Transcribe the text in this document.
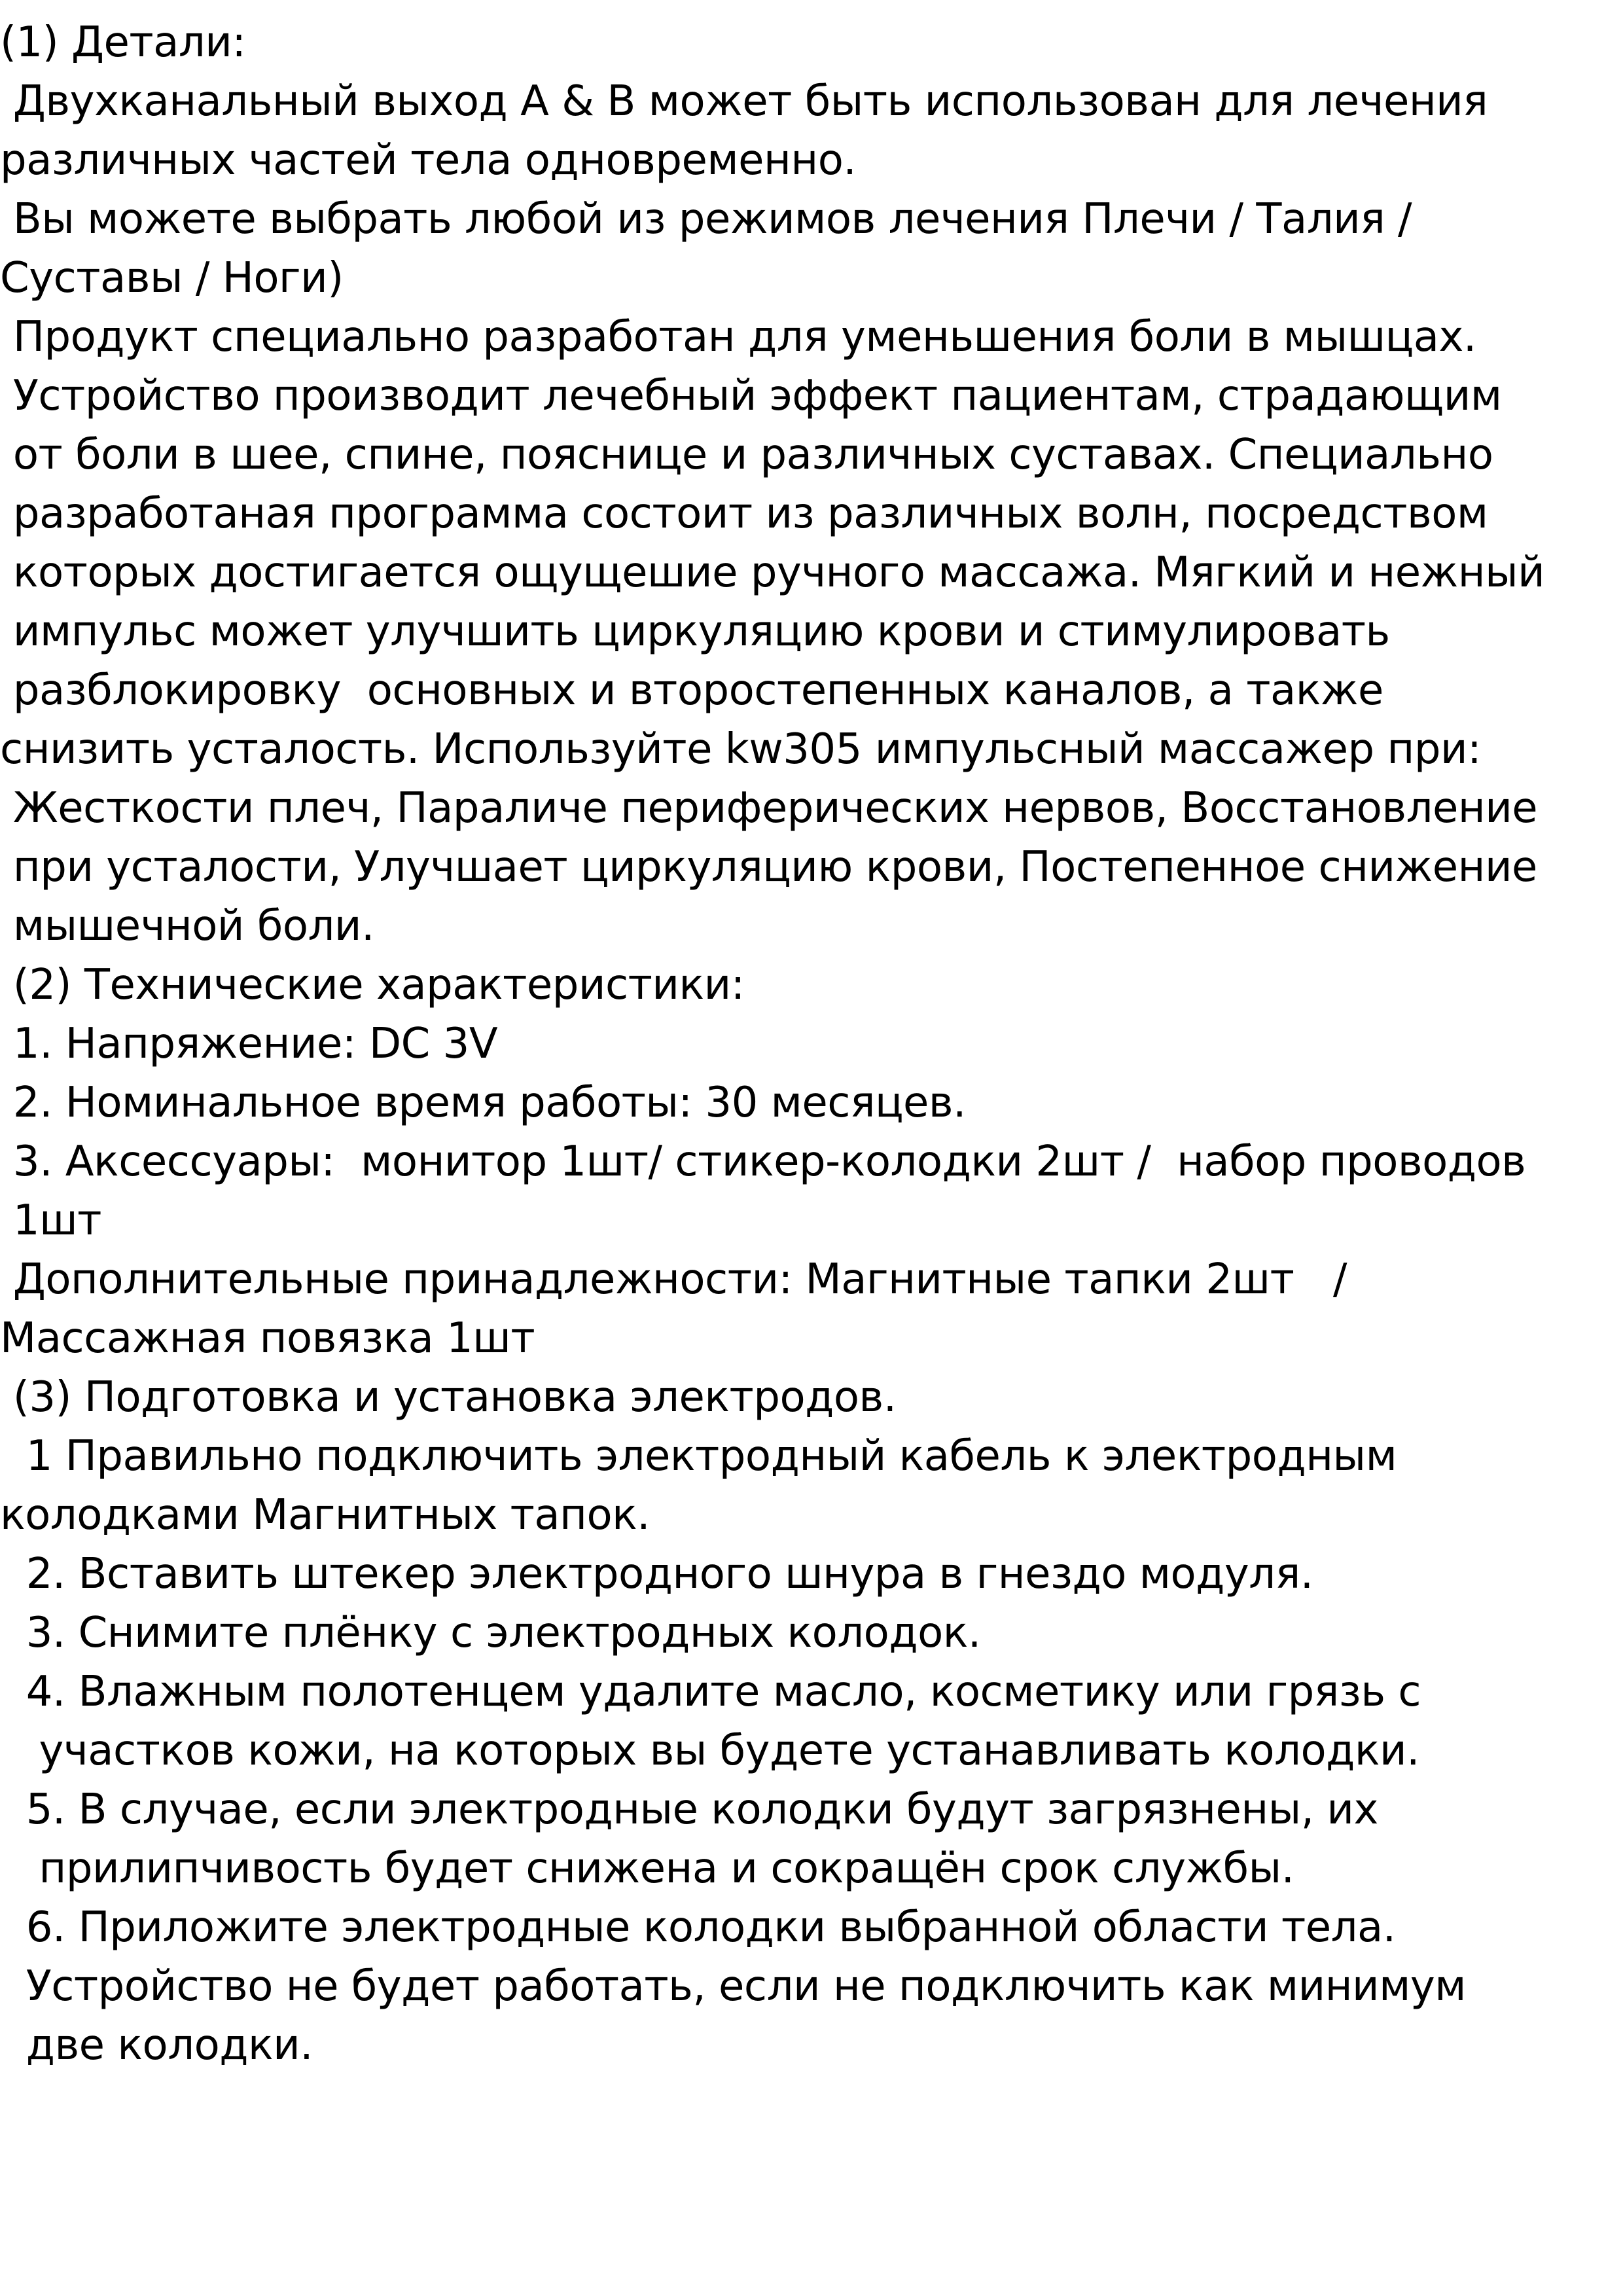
(1) Детали:
Двухканальный выход A & B может быть использован для лечения
различных частей тела одновременно.
Вы можете выбрать любой из режимов лечения Плечи / Талия /
Суставы / Ноги)
Продукт специально разработан для уменьшения боли в мышцах.
Устройство производит лечебный эффект пациентам, страдающим
от боли в шее, спине, пояснице и различных суставах. Специально
разработаная программа состоит из различных волн, посредством
которых достигается ощущешие ручного массажа. Мягкий и нежный
импульс может улучшить циркуляцию крови и стимулировать
разблокировку  основных и второстепенных каналов, а также
снизить усталость. Используйте kw305 импульсный массажер при:
Жесткости плеч, Параличе периферических нервов, Восстановление
при усталости, Улучшает циркуляцию крови, Постепенное снижение
мышечной боли.
(2) Технические характеристики:
1. Напряжение: DC 3V
2. Номинальное время работы: 30 месяцев.
3. Аксессуары:  монитор 1шт/ стикер-колодки 2шт /  набор проводов
1шт
Дополнительные принадлежности: Магнитные тапки 2шт   /
Массажная повязка 1шт
(3) Подготовка и установка электродов.
1 Правильно подключить электродный кабель к электродным
колодками Магнитных тапок.
2. Вставить штекер электродного шнура в гнездо модуля.
3. Снимите плёнку с электродных колодок.
4. Влажным полотенцем удалите масло, косметику или грязь с
участков кожи, на которых вы будете устанавливать колодки.
5. В случае, если электродные колодки будут загрязнены, их
прилипчивость будет снижена и сокращён срок службы.
6. Приложите электродные колодки выбранной области тела.
Устройство не будет работать, если не подключить как минимум
две колодки.
